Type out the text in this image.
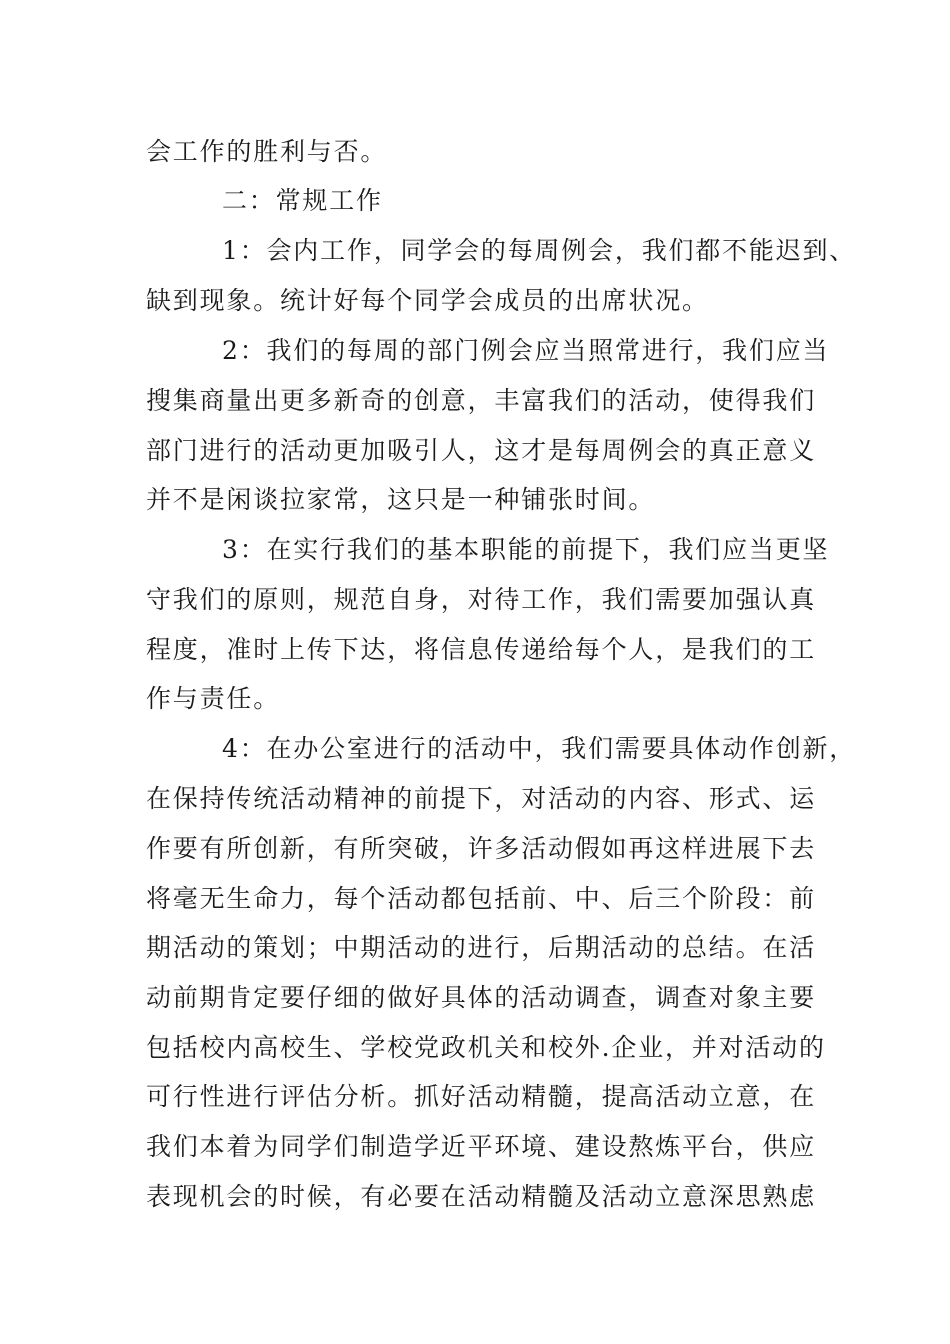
会工作的胜利与否。
二：常规工作
1：会内工作，同学会的每周例会，我们都不能迟到、
缺到现象。统计好每个同学会成员的出席状况。
2：我们的每周的部门例会应当照常进行，我们应当
搜集商量出更多新奇的创意，丰富我们的活动，使得我们
部门进行的活动更加吸引人，这才是每周例会的真正意义
并不是闲谈拉家常，这只是一种铺张时间。
3：在实行我们的基本职能的前提下，我们应当更坚
守我们的原则，规范自身，对待工作，我们需要加强认真
程度，准时上传下达，将信息传递给每个人，是我们的工
作与责任。
4：在办公室进行的活动中，我们需要具体动作创新，
在保持传统活动精神的前提下，对活动的内容、形式、运
作要有所创新，有所突破，许多活动假如再这样进展下去
将毫无生命力，每个活动都包括前、中、后三个阶段：前
期活动的策划；中期活动的进行，后期活动的总结。在活
动前期肯定要仔细的做好具体的活动调查，调查对象主要
包括校内高校生、学校党政机关和校外.企业，并对活动的
可行性进行评估分析。抓好活动精髓，提高活动立意，在
我们本着为同学们制造学近平环境、建设熬炼平台，供应
表现机会的时候，有必要在活动精髓及活动立意深思熟虑
